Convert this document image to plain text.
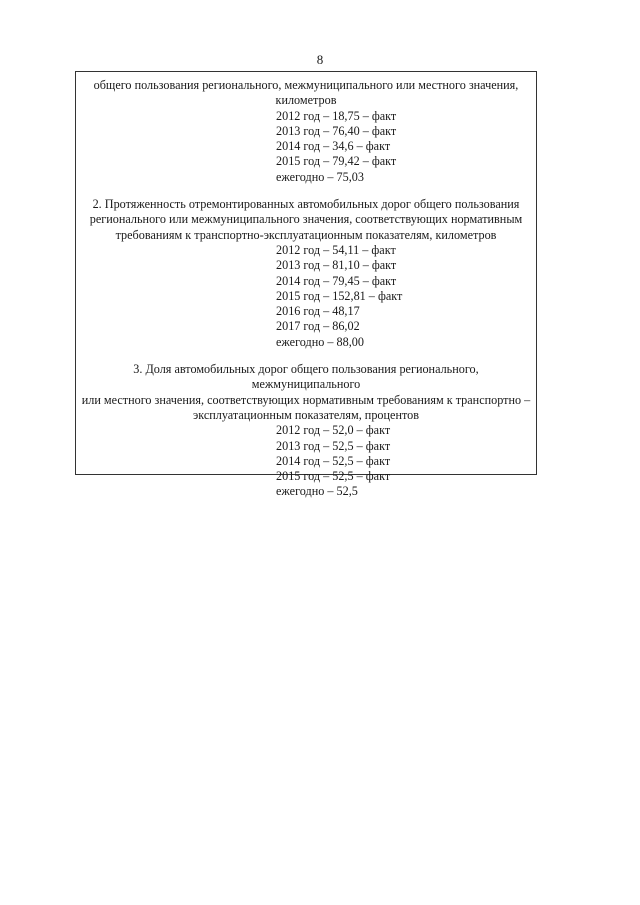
8

общего пользования регионального, межмуниципального или местного значения,

километров

2012 год – 18,75 – факт
2013 год – 76,40 – факт
2014 год – 34,6 – факт
2015 год – 79,42 – факт
ежегодно – 75,03

2. Протяженность отремонтированных автомобильных дорог общего пользования

регионального или межмуниципального значения, соответствующих нормативным

требованиям к транспортно-эксплуатационным показателям, километров

2012 год – 54,11 – факт
2013 год – 81,10 – факт
2014 год – 79,45 – факт
2015 год – 152,81 – факт
2016 год – 48,17
2017 год – 86,02
ежегодно – 88,00

3. Доля автомобильных дорог общего пользования регионального, межмуниципального

или местного значения, соответствующих нормативным требованиям к транспортно –

эксплуатационным показателям, процентов

2012 год – 52,0 – факт
2013 год – 52,5 – факт
2014 год – 52,5 – факт
2015 год – 52,5 – факт
ежегодно – 52,5
